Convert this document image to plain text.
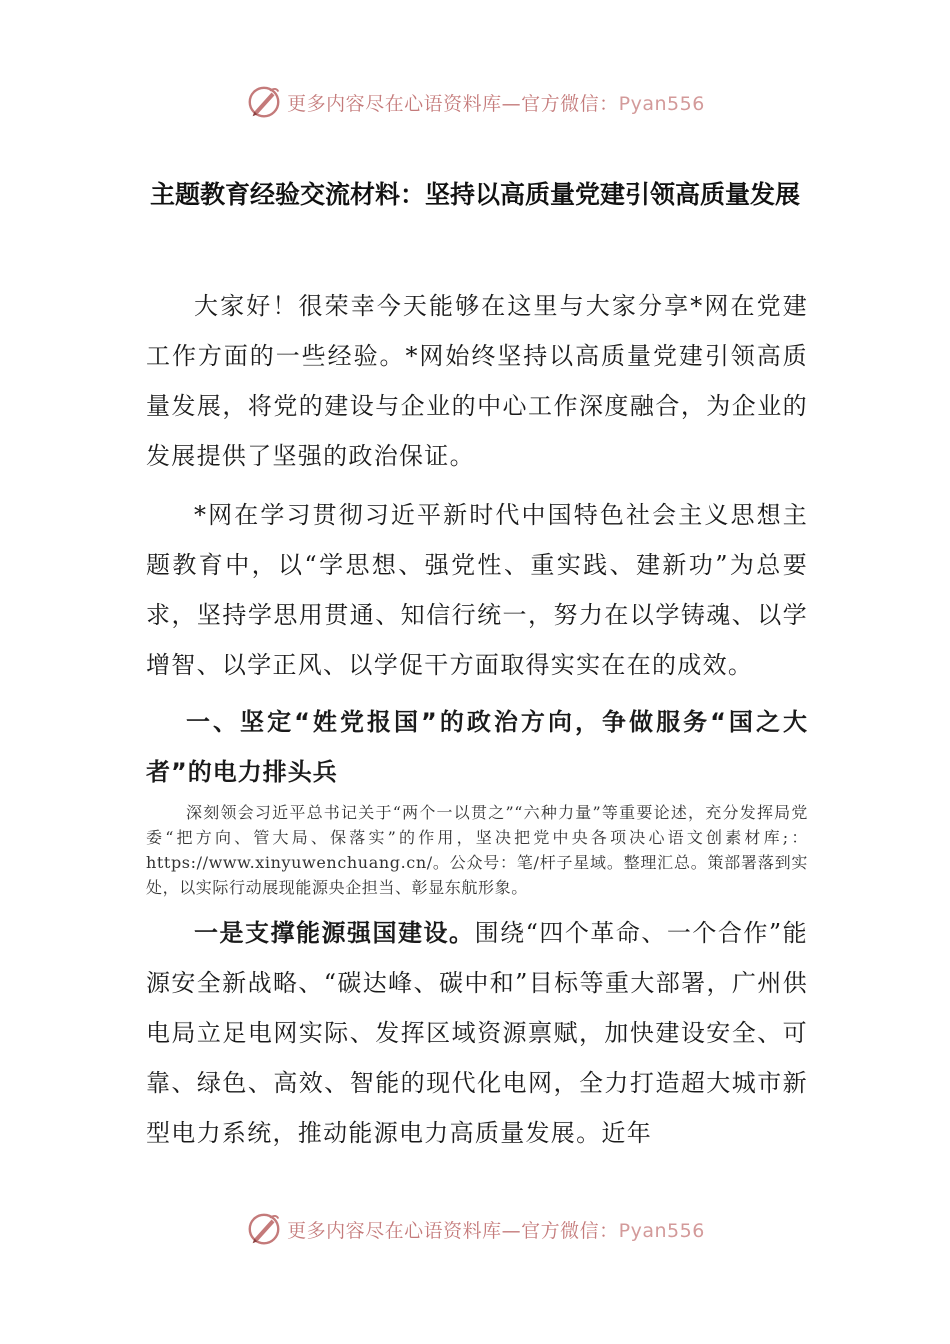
更多内容尽在心语资料库—官方微信：Pyan556
主题教育经验交流材料：坚持以高质量党建引领高质量发展

大家好！很荣幸今天能够在这里与大家分享*网在党建工作方面的一些经验。*网始终坚持以高质量党建引领高质量发展，将党的建设与企业的中心工作深度融合，为企业的发展提供了坚强的政治保证。

*网在学习贯彻习近平新时代中国特色社会主义思想主题教育中，以“学思想、强党性、重实践、建新功”为总要求，坚持学思用贯通、知信行统一，努力在以学铸魂、以学增智、以学正风、以学促干方面取得实实在在的成效。

一、坚定“姓党报国”的政治方向，争做服务“国之大者”的电力排头兵

深刻领会习近平总书记关于“两个一以贯之”“六种力量”等重要论述，充分发挥局党委“把方向、管大局、保落实”的作用，坚决把党中央各项决心语文创素材库;：https://www.xinyuwenchuang.cn/。公众号：笔/杆子星域。整理汇总。策部署落到实处，以实际行动展现能源央企担当、彰显东航形象。

一是支撑能源强国建设。围绕“四个革命、一个合作”能源安全新战略、“碳达峰、碳中和”目标等重大部署，广州供电局立足电网实际、发挥区域资源禀赋，加快建设安全、可靠、绿色、高效、智能的现代化电网，全力打造超大城市新型电力系统，推动能源电力高质量发展。近年

更多内容尽在心语资料库—官方微信：Pyan556
